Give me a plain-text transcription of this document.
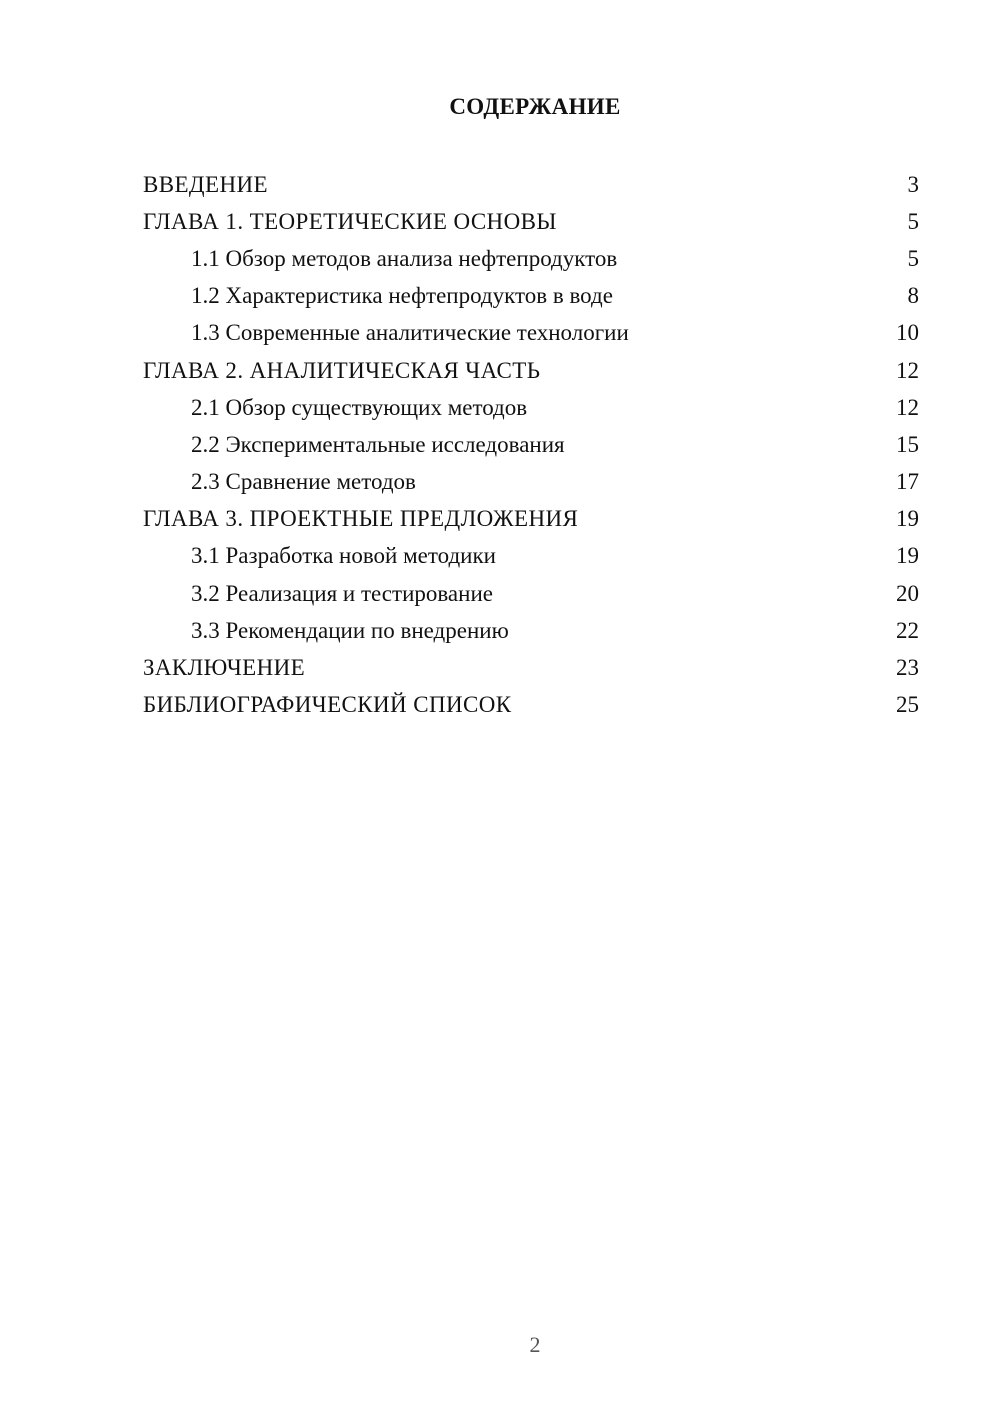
СОДЕРЖАНИЕ
ВВЕДЕНИЕ	3
ГЛАВА 1. ТЕОРЕТИЧЕСКИЕ ОСНОВЫ	5
1.1 Обзор методов анализа нефтепродуктов	5
1.2 Характеристика нефтепродуктов в воде	8
1.3 Современные аналитические технологии	10
ГЛАВА 2. АНАЛИТИЧЕСКАЯ ЧАСТЬ	12
2.1 Обзор существующих методов	12
2.2 Экспериментальные исследования	15
2.3 Сравнение методов	17
ГЛАВА 3. ПРОЕКТНЫЕ ПРЕДЛОЖЕНИЯ	19
3.1 Разработка новой методики	19
3.2 Реализация и тестирование	20
3.3 Рекомендации по внедрению	22
ЗАКЛЮЧЕНИЕ	23
БИБЛИОГРАФИЧЕСКИЙ СПИСОК	25
2
